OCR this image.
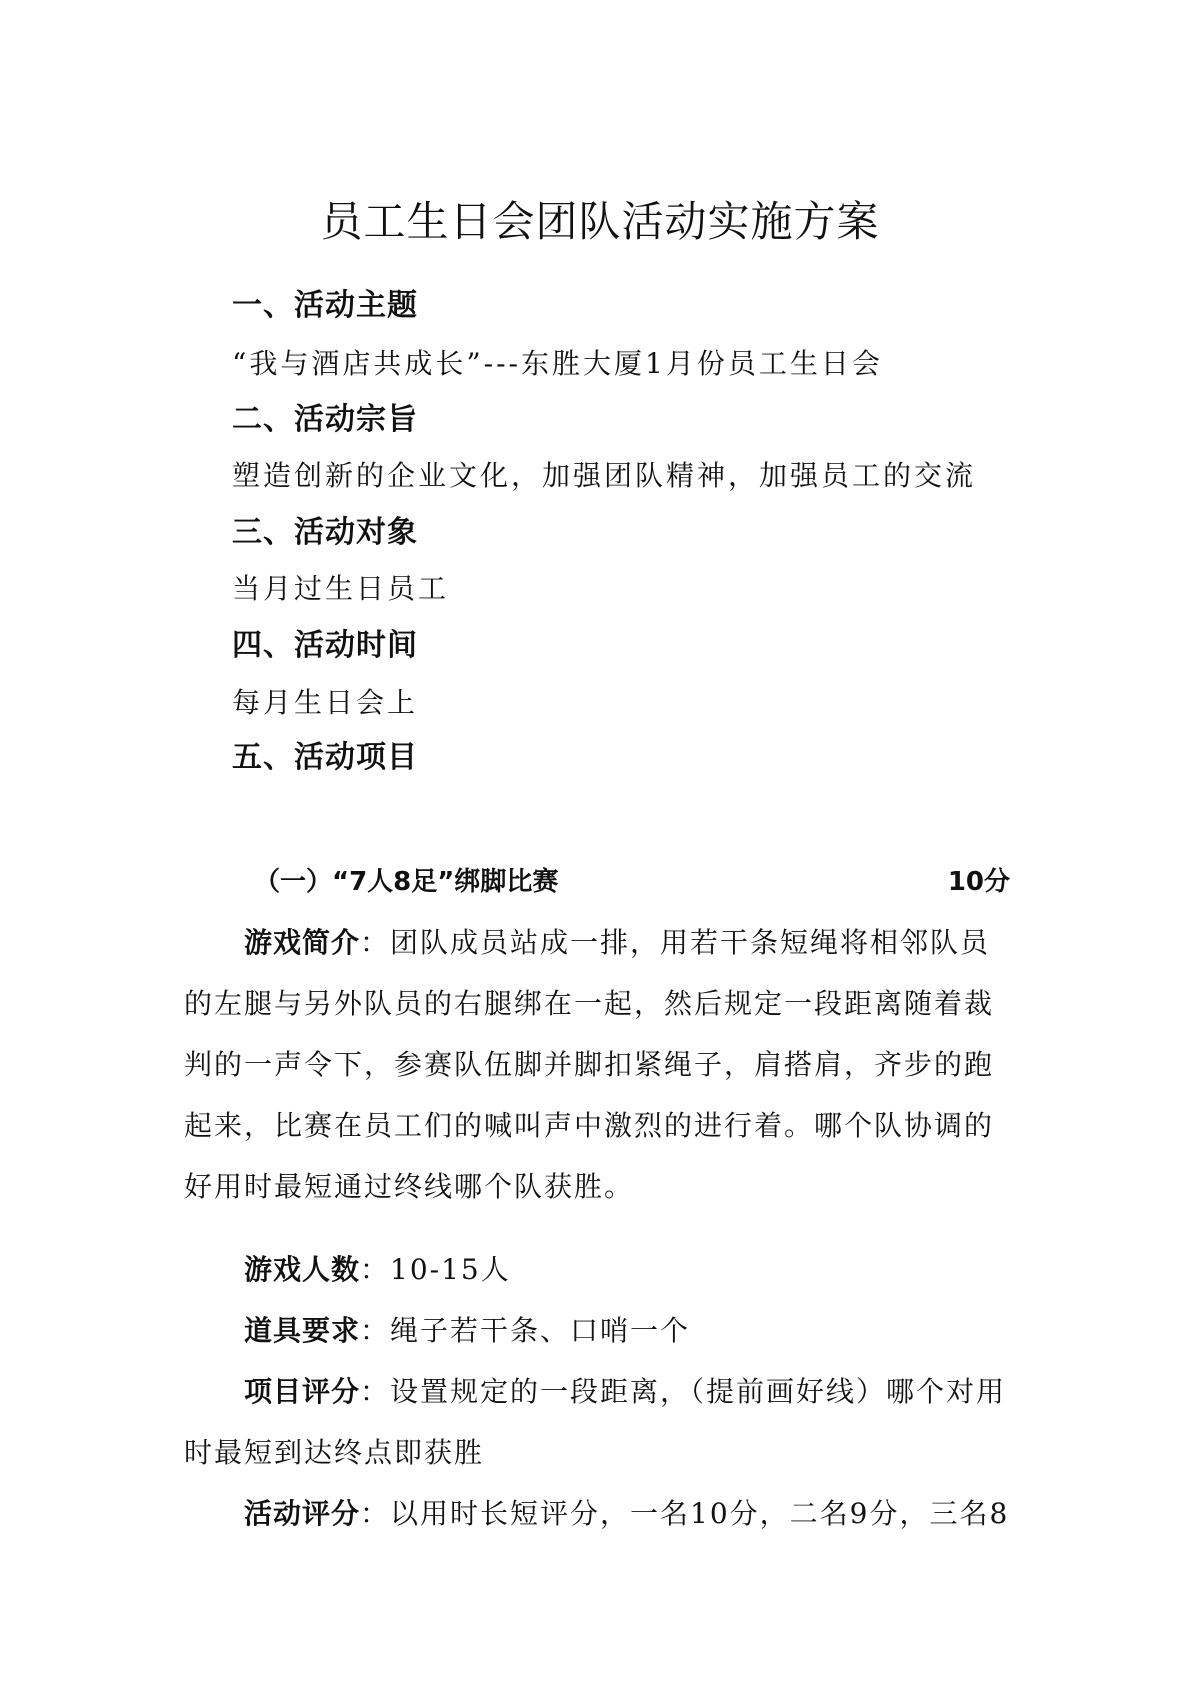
员工生日会团队活动实施方案
一、活动主题
“我与酒店共成长”---东胜大厦1月份员工生日会
二、活动宗旨
塑造创新的企业文化，加强团队精神，加强员工的交流
三、活动对象
当月过生日员工
四、活动时间
每月生日会上
五、活动项目
（一）“7人8足”绑脚比赛	10分
游戏简介：团队成员站成一排，用若干条短绳将相邻队员的左腿与另外队员的右腿绑在一起，然后规定一段距离随着裁判的一声令下，参赛队伍脚并脚扣紧绳子，肩搭肩，齐步的跑起来，比赛在员工们的喊叫声中激烈的进行着。哪个队协调的好用时最短通过终线哪个队获胜。
游戏人数：10-15人
道具要求：绳子若干条、口哨一个
项目评分：设置规定的一段距离，（提前画好线）哪个对用时最短到达终点即获胜
活动评分：以用时长短评分，一名10分，二名9分，三名8
